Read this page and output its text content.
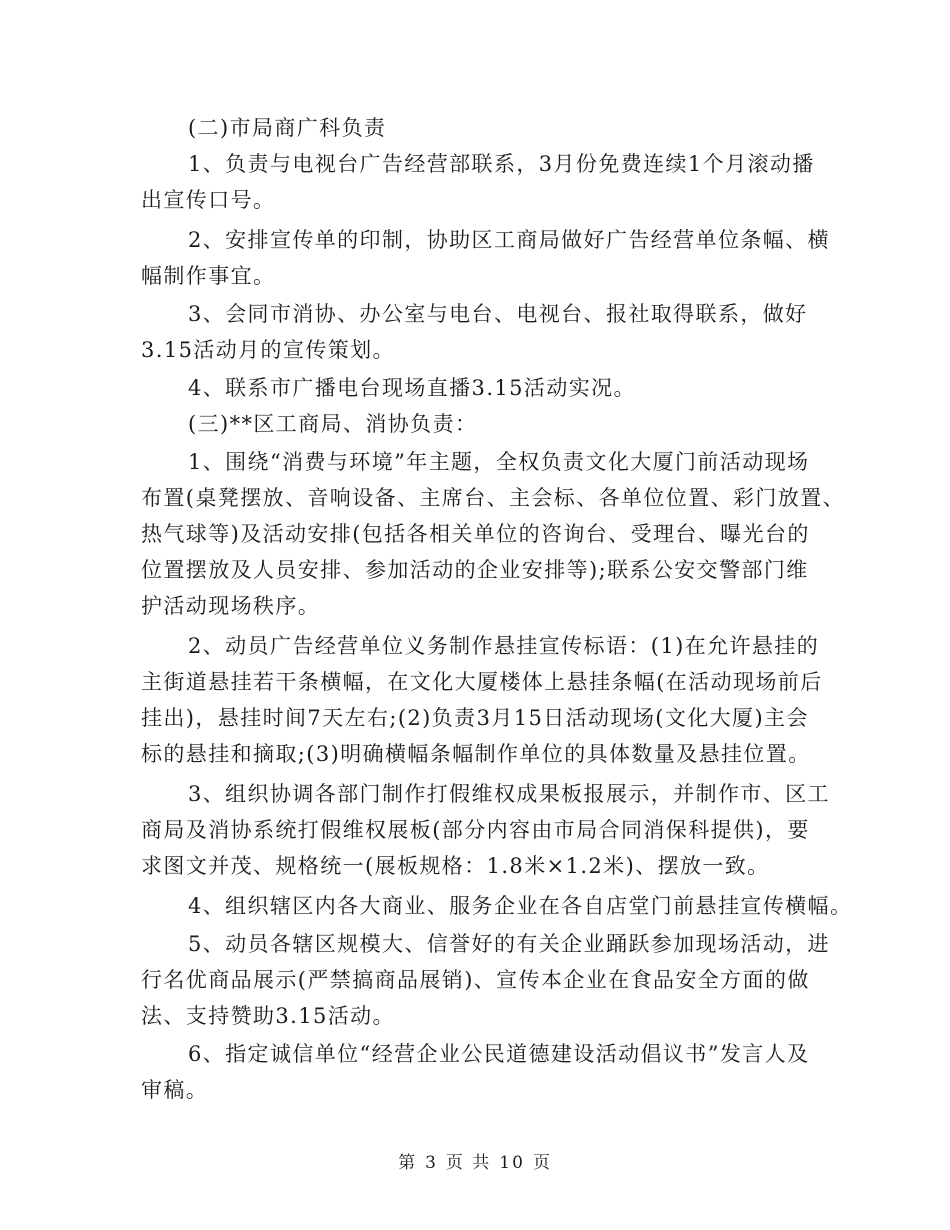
(二)市局商广科负责
1、负责与电视台广告经营部联系，3月份免费连续1个月滚动播
出宣传口号。
2、安排宣传单的印制，协助区工商局做好广告经营单位条幅、横
幅制作事宜。
3、会同市消协、办公室与电台、电视台、报社取得联系，做好
3.15活动月的宣传策划。
4、联系市广播电台现场直播3.15活动实况。
(三)**区工商局、消协负责：
1、围绕“消费与环境”年主题，全权负责文化大厦门前活动现场
布置(桌凳摆放、音响设备、主席台、主会标、各单位位置、彩门放置、
热气球等)及活动安排(包括各相关单位的咨询台、受理台、曝光台的
位置摆放及人员安排、参加活动的企业安排等);联系公安交警部门维
护活动现场秩序。
2、动员广告经营单位义务制作悬挂宣传标语：(1)在允许悬挂的
主街道悬挂若干条横幅，在文化大厦楼体上悬挂条幅(在活动现场前后
挂出)，悬挂时间7天左右;(2)负责3月15日活动现场(文化大厦)主会
标的悬挂和摘取;(3)明确横幅条幅制作单位的具体数量及悬挂位置。
3、组织协调各部门制作打假维权成果板报展示，并制作市、区工
商局及消协系统打假维权展板(部分内容由市局合同消保科提供)，要
求图文并茂、规格统一(展板规格：1.8米×1.2米)、摆放一致。
4、组织辖区内各大商业、服务企业在各自店堂门前悬挂宣传横幅。
5、动员各辖区规模大、信誉好的有关企业踊跃参加现场活动，进
行名优商品展示(严禁搞商品展销)、宣传本企业在食品安全方面的做
法、支持赞助3.15活动。
6、指定诚信单位“经营企业公民道德建设活动倡议书”发言人及
审稿。
第 3 页 共 10 页
